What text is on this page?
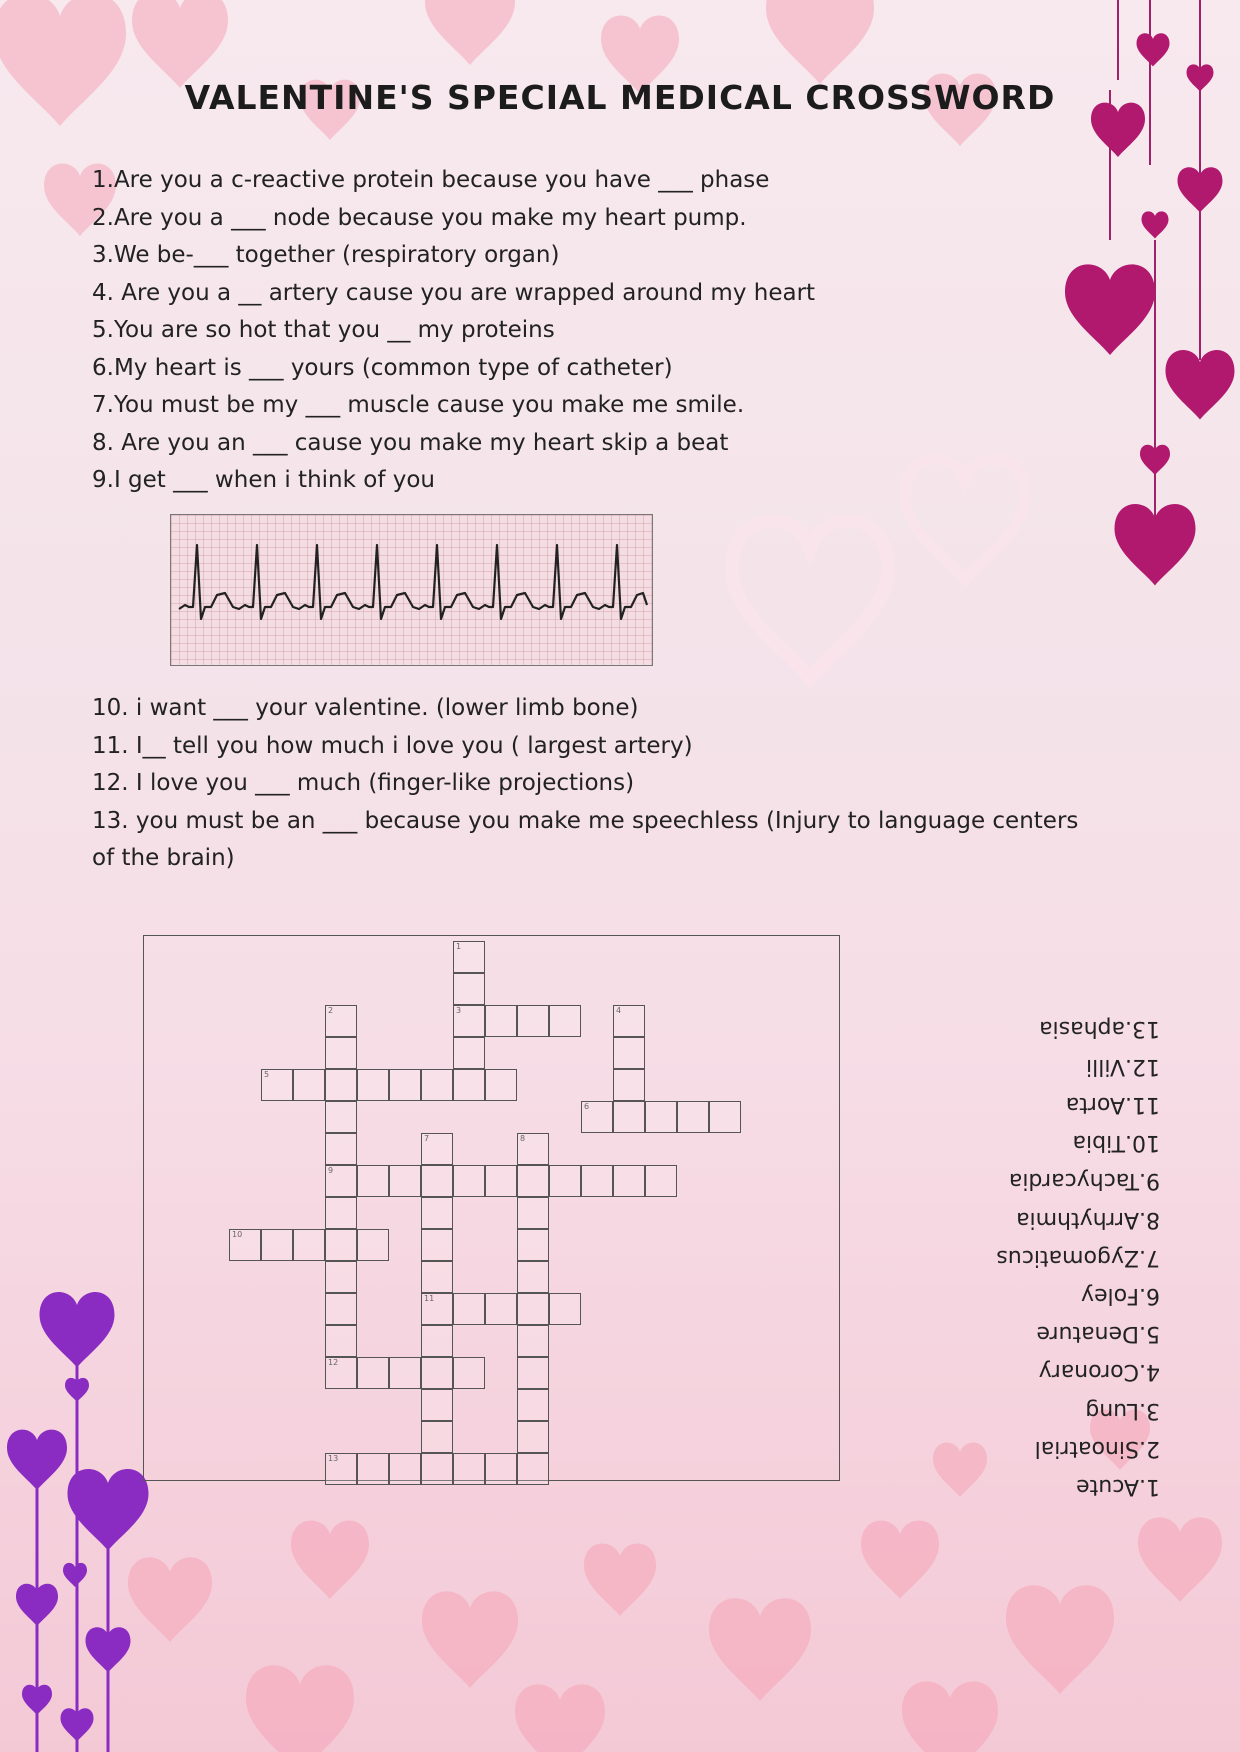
VALENTINE'S SPECIAL MEDICAL CROSSWORD
1.Are you a c-reactive protein because you have ___ phase
2.Are you a ___ node because you make my heart pump.
3.We be-___ together (respiratory organ)
4. Are you a __ artery cause you are wrapped around my heart
5.You are so hot that you __ my proteins
6.My heart is ___ yours (common type of catheter)
7.You must be my ___ muscle cause you make me smile.
8. Are you an ___ cause you make my heart skip a beat
9.I get ___ when i think of you
10. i want ___ your valentine. (lower limb bone)
11. I__ tell you how much i love you ( largest artery)
12. I love you ___ much (finger-like projections)
13. you must be an ___ because you make me speechless (Injury to language centers of the brain)
1
3
2
9
4
5
6
7
11
8
10
12
13
1.Acute
2.Sinoatrial
3.Lung
4.Coronary
5.Denature
6.Foley
7.Zygomaticus
8.Arrhythmia
9.Tachycardia
10.Tibia
11.Aorta
12.Villi
13.aphasia
